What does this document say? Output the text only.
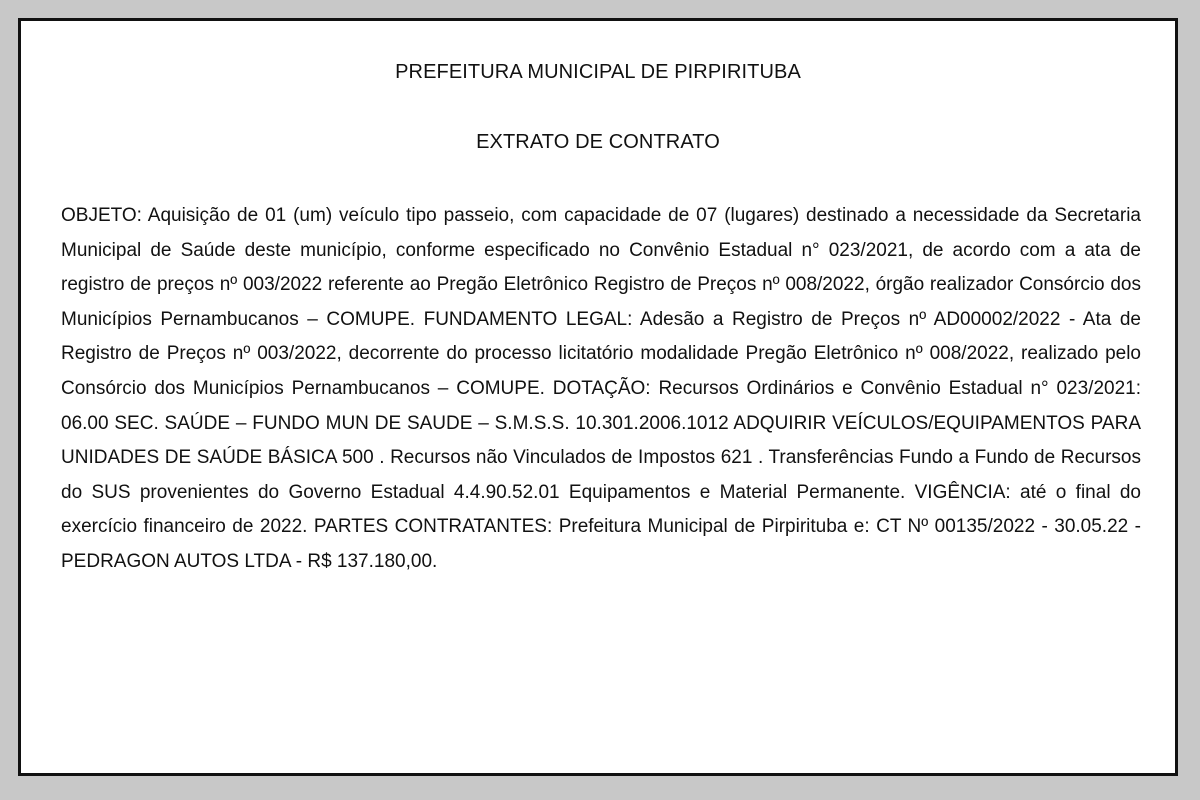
PREFEITURA MUNICIPAL DE PIRPIRITUBA
EXTRATO DE CONTRATO

OBJETO: Aquisição de 01 (um) veículo tipo passeio, com capacidade de 07 (lugares) destinado a necessidade da Secretaria Municipal de Saúde deste município, conforme especificado no Convênio Estadual n° 023/2021, de acordo com a ata de registro de preços nº 003/2022 referente ao Pregão Eletrônico Registro de Preços nº 008/2022, órgão realizador Consórcio dos Municípios Pernambucanos – COMUPE. FUNDAMENTO LEGAL: Adesão a Registro de Preços nº AD00002/2022 - Ata de Registro de Preços nº 003/2022, decorrente do processo licitatório modalidade Pregão Eletrônico nº 008/2022, realizado pelo Consórcio dos Municípios Pernambucanos – COMUPE. DOTAÇÃO: Recursos Ordinários e Convênio Estadual n° 023/2021: 06.00 SEC. SAÚDE – FUNDO MUN DE SAUDE – S.M.S.S. 10.301.2006.1012 ADQUIRIR VEÍCULOS/EQUIPAMENTOS PARA UNIDADES DE SAÚDE BÁSICA 500 . Recursos não Vinculados de Impostos 621 . Transferências Fundo a Fundo de Recursos do SUS provenientes do Governo Estadual 4.4.90.52.01 Equipamentos e Material Permanente. VIGÊNCIA: até o final do exercício financeiro de 2022. PARTES CONTRATANTES: Prefeitura Municipal de Pirpirituba e: CT Nº 00135/2022 - 30.05.22 - PEDRAGON AUTOS LTDA - R$ 137.180,00.
